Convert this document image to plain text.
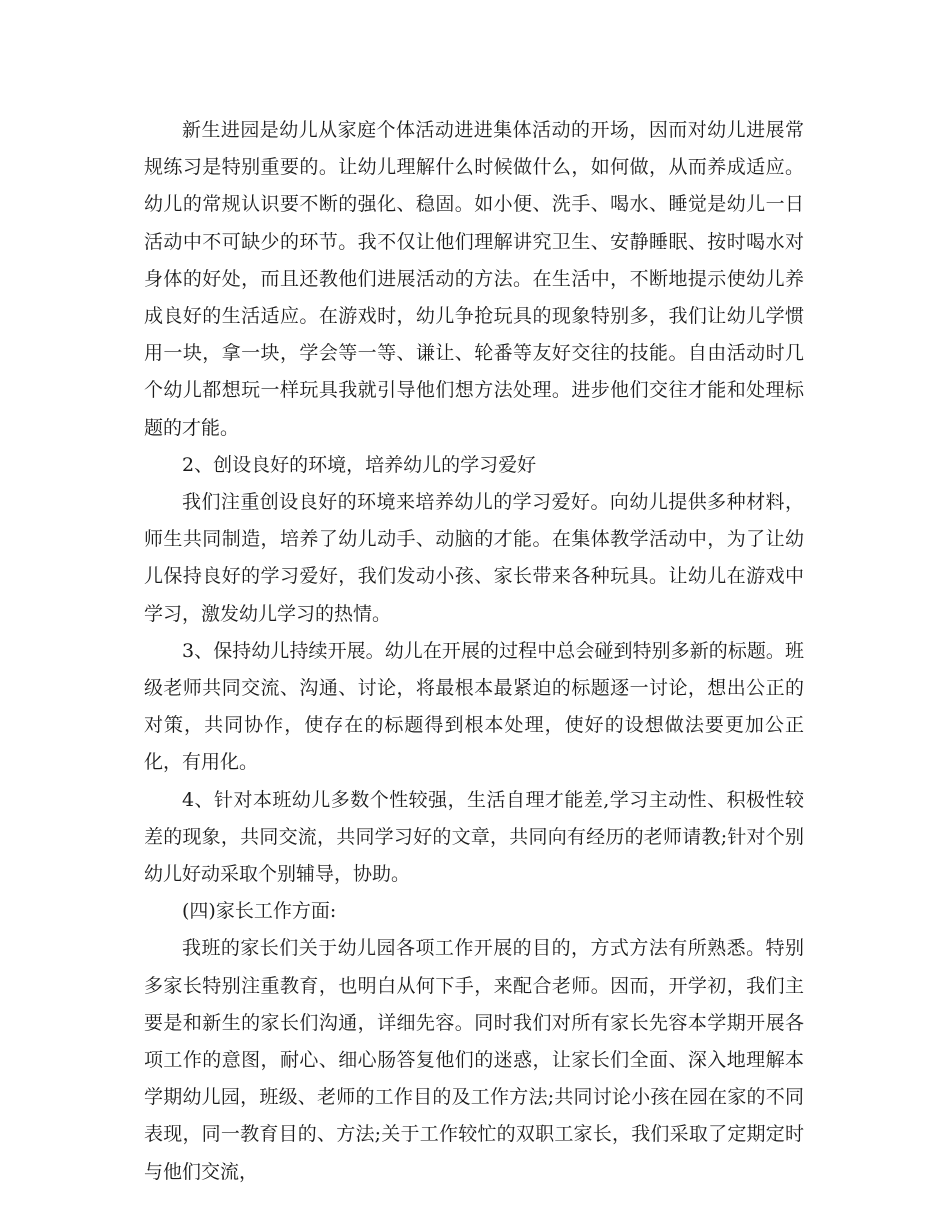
新生进园是幼儿从家庭个体活动进进集体活动的开场，因而对幼儿进展常规练习是特别重要的。让幼儿理解什么时候做什么，如何做，从而养成适应。幼儿的常规认识要不断的强化、稳固。如小便、洗手、喝水、睡觉是幼儿一日活动中不可缺少的环节。我不仅让他们理解讲究卫生、安静睡眠、按时喝水对身体的好处，而且还教他们进展活动的方法。在生活中，不断地提示使幼儿养成良好的生活适应。在游戏时，幼儿争抢玩具的现象特别多，我们让幼儿学惯用一块，拿一块，学会等一等、谦让、轮番等友好交往的技能。自由活动时几个幼儿都想玩一样玩具我就引导他们想方法处理。进步他们交往才能和处理标题的才能。

2、创设良好的环境，培养幼儿的学习爱好

我们注重创设良好的环境来培养幼儿的学习爱好。向幼儿提供多种材料，师生共同制造，培养了幼儿动手、动脑的才能。在集体教学活动中，为了让幼儿保持良好的学习爱好，我们发动小孩、家长带来各种玩具。让幼儿在游戏中学习，激发幼儿学习的热情。

3、保持幼儿持续开展。幼儿在开展的过程中总会碰到特别多新的标题。班级老师共同交流、沟通、讨论，将最根本最紧迫的标题逐一讨论，想出公正的对策，共同协作，使存在的标题得到根本处理，使好的设想做法要更加公正化，有用化。

4、针对本班幼儿多数个性较强，生活自理才能差,学习主动性、积极性较差的现象，共同交流，共同学习好的文章，共同向有经历的老师请教;针对个别幼儿好动采取个别辅导，协助。

(四)家长工作方面:

我班的家长们关于幼儿园各项工作开展的目的，方式方法有所熟悉。特别多家长特别注重教育，也明白从何下手，来配合老师。因而，开学初，我们主要是和新生的家长们沟通，详细先容。同时我们对所有家长先容本学期开展各项工作的意图，耐心、细心肠答复他们的迷惑，让家长们全面、深入地理解本学期幼儿园，班级、老师的工作目的及工作方法;共同讨论小孩在园在家的不同表现，同一教育目的、方法;关于工作较忙的双职工家长，我们采取了定期定时与他们交流，
